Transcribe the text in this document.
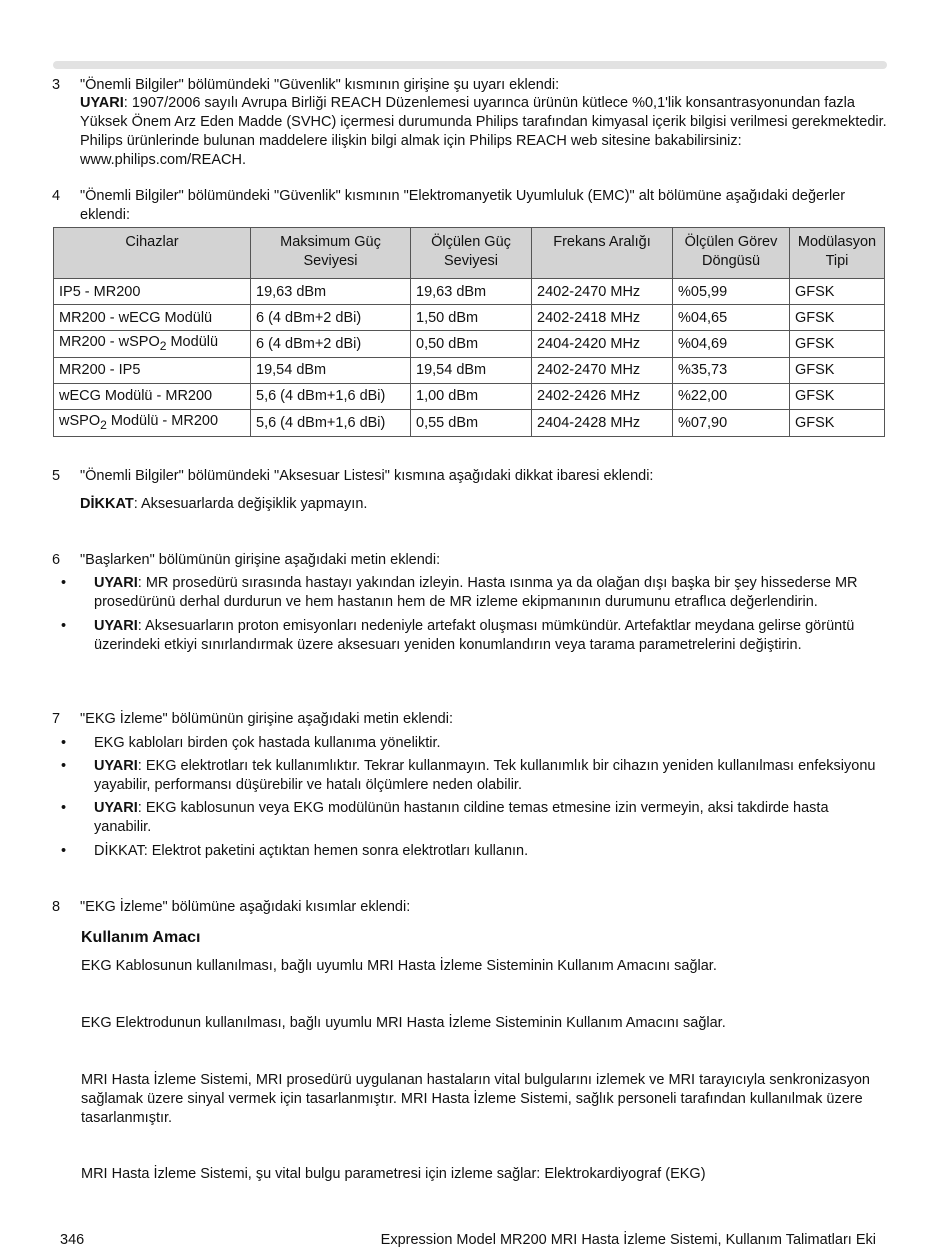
3 "Önemli Bilgiler" bölümündeki "Güvenlik" kısmının girişine şu uyarı eklendi:
UYARI: 1907/2006 sayılı Avrupa Birliği REACH Düzenlemesi uyarınca ürünün kütlece %0,1'lik konsantrasyonundan fazla Yüksek Önem Arz Eden Madde (SVHC) içermesi durumunda Philips tarafından kimyasal içerik bilgisi verilmesi gerekmektedir. Philips ürünlerinde bulunan maddelere ilişkin bilgi almak için Philips REACH web sitesine bakabilirsiniz: www.philips.com/REACH.
4 "Önemli Bilgiler" bölümündeki "Güvenlik" kısmının "Elektromanyetik Uyumluluk (EMC)" alt bölümüne aşağıdaki değerler eklendi:
Cihazlar	Maksimum Güç Seviyesi	Ölçülen Güç Seviyesi	Frekans Aralığı	Ölçülen Görev Döngüsü	Modülasyon Tipi
IP5 - MR200	19,63 dBm	19,63 dBm	2402-2470 MHz	%05,99	GFSK
MR200 - wECG Modülü	6 (4 dBm+2 dBi)	1,50 dBm	2402-2418 MHz	%04,65	GFSK
MR200 - wSPO$_2$ Modülü	6 (4 dBm+2 dBi)	0,50 dBm	2404-2420 MHz	%04,69	GFSK
MR200 - IP5	19,54 dBm	19,54 dBm	2402-2470 MHz	%35,73	GFSK
wECG Modülü - MR200	5,6 (4 dBm+1,6 dBi)	1,00 dBm	2402-2426 MHz	%22,00	GFSK
wSPO$_2$ Modülü - MR200	5,6 (4 dBm+1,6 dBi)	0,55 dBm	2404-2428 MHz	%07,90	GFSK
5 "Önemli Bilgiler" bölümündeki "Aksesuar Listesi" kısmına aşağıdaki dikkat ibaresi eklendi:
DİKKAT: Aksesuarlarda değişiklik yapmayın.
6 "Başlarken" bölümünün girişine aşağıdaki metin eklendi:
• UYARI: MR prosedürü sırasında hastayı yakından izleyin. Hasta ısınma ya da olağan dışı başka bir şey hissederse MR prosedürünü derhal durdurun ve hem hastanın hem de MR izleme ekipmanının durumunu etraflıca değerlendirin.
• UYARI: Aksesuarların proton emisyonları nedeniyle artefakt oluşması mümkündür. Artefaktlar meydana gelirse görüntü üzerindeki etkiyi sınırlandırmak üzere aksesuarı yeniden konumlandırın veya tarama parametrelerini değiştirin.
7 "EKG İzleme" bölümünün girişine aşağıdaki metin eklendi:
• EKG kabloları birden çok hastada kullanıma yöneliktir.
• UYARI: EKG elektrotları tek kullanımlıktır. Tekrar kullanmayın. Tek kullanımlık bir cihazın yeniden kullanılması enfeksiyonu yayabilir, performansı düşürebilir ve hatalı ölçümlere neden olabilir.
• UYARI: EKG kablosunun veya EKG modülünün hastanın cildine temas etmesine izin vermeyin, aksi takdirde hasta yanabilir.
• DİKKAT: Elektrot paketini açtıktan hemen sonra elektrotları kullanın.
8 "EKG İzleme" bölümüne aşağıdaki kısımlar eklendi:
Kullanım Amacı
EKG Kablosunun kullanılması, bağlı uyumlu MRI Hasta İzleme Sisteminin Kullanım Amacını sağlar.
EKG Elektrodunun kullanılması, bağlı uyumlu MRI Hasta İzleme Sisteminin Kullanım Amacını sağlar.
MRI Hasta İzleme Sistemi, MRI prosedürü uygulanan hastaların vital bulgularını izlemek ve MRI tarayıcıyla senkronizasyon sağlamak üzere sinyal vermek için tasarlanmıştır. MRI Hasta İzleme Sistemi, sağlık personeli tarafından kullanılmak üzere tasarlanmıştır.
MRI Hasta İzleme Sistemi, şu vital bulgu parametresi için izleme sağlar: Elektrokardiyograf (EKG)
346	Expression Model MR200 MRI Hasta İzleme Sistemi, Kullanım Talimatları Eki
